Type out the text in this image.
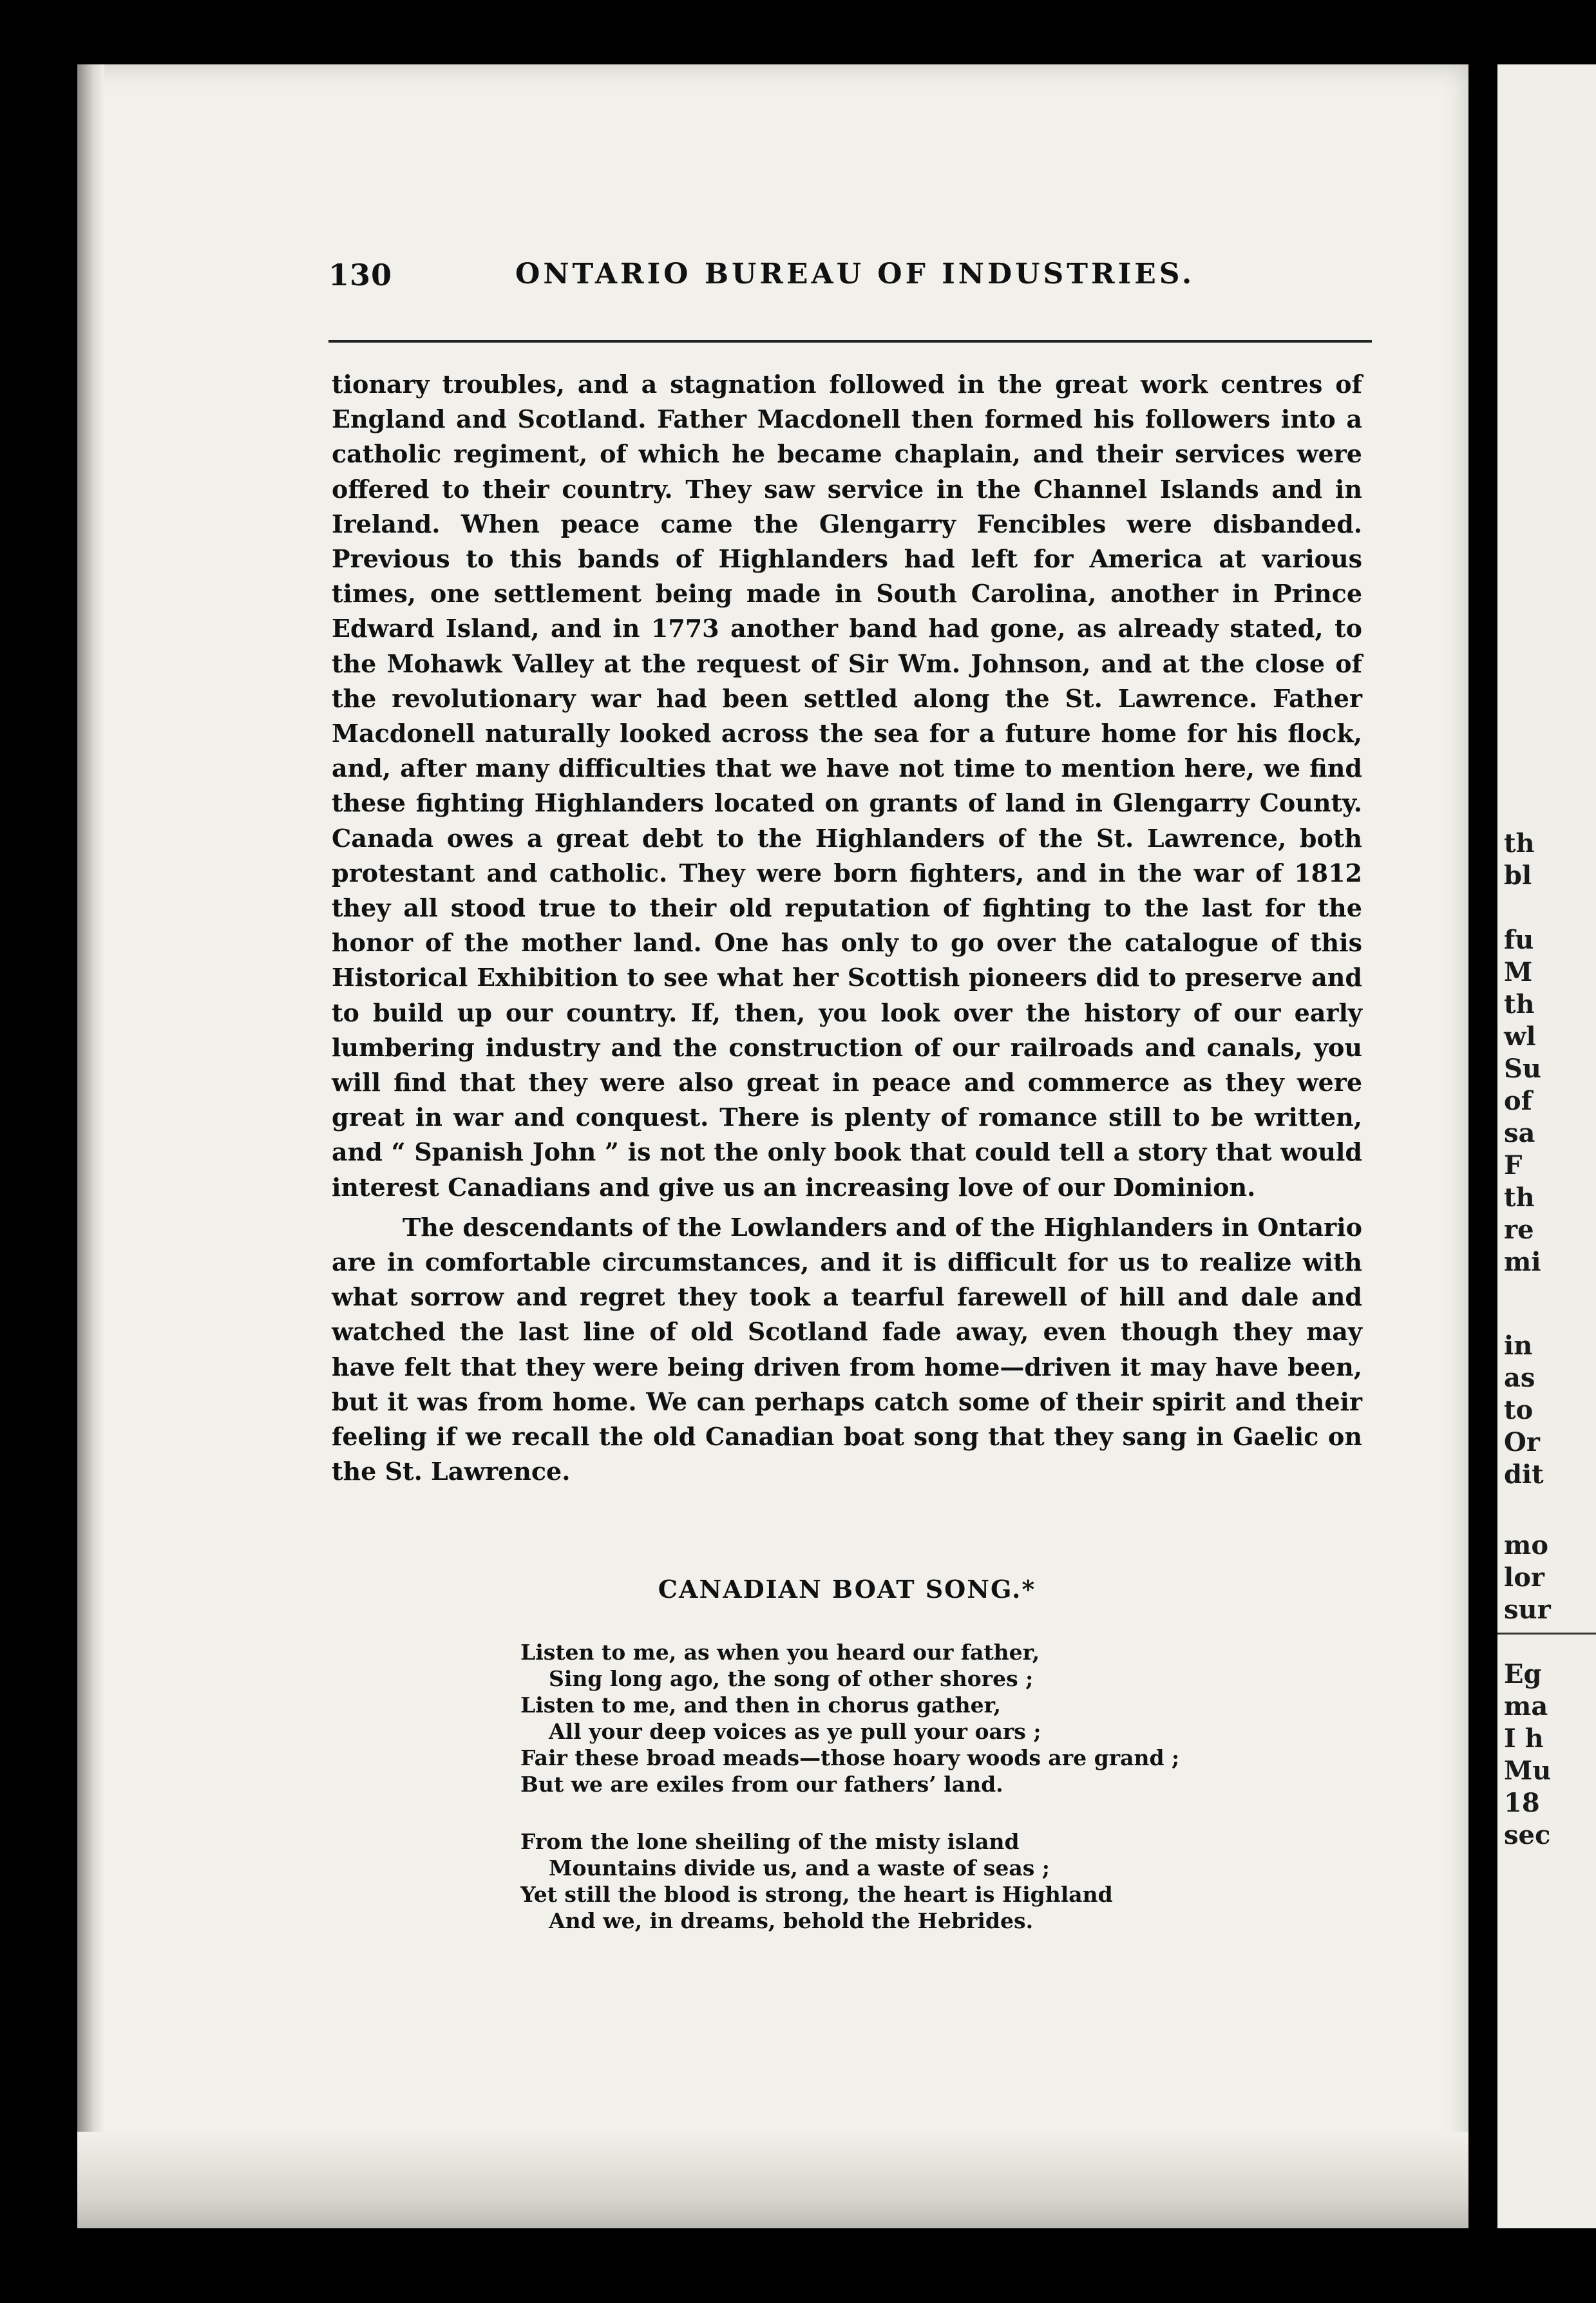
th
bl
fu
M
th
wl
Su
of
sa
F
th
re
mi
in
as
to
Or
dit
mo
lor
sur
Eg
ma
I h
Mu
18
sec
130	ONTARIO BUREAU OF INDUSTRIES.

tionary troubles, and a stagnation followed in the great work centres of England and Scotland. Father Macdonell then formed his followers into a catholic regiment, of which he became chaplain, and their services were offered to their country. They saw service in the Channel Islands and in Ireland. When peace came the Glengarry Fencibles were disbanded. Previous to this bands of Highlanders had left for America at various times, one settlement being made in South Carolina, another in Prince Edward Island, and in 1773 another band had gone, as already stated, to the Mohawk Valley at the request of Sir Wm. Johnson, and at the close of the revolutionary war had been settled along the St. Lawrence. Father Macdonell naturally looked across the sea for a future home for his flock, and, after many difficulties that we have not time to mention here, we find these fighting Highlanders located on grants of land in Glengarry County. Canada owes a great debt to the Highlanders of the St. Lawrence, both protestant and catholic. They were born fighters, and in the war of 1812 they all stood true to their old reputation of fighting to the last for the honor of the mother land. One has only to go over the catalogue of this Historical Exhibition to see what her Scottish pioneers did to preserve and to build up our country. If, then, you look over the history of our early lumbering industry and the construction of our railroads and canals, you will find that they were also great in peace and commerce as they were great in war and conquest. There is plenty of romance still to be written, and “ Spanish John ” is not the only book that could tell a story that would interest Canadians and give us an increasing love of our Dominion.

The descendants of the Lowlanders and of the Highlanders in Ontario are in comfortable circumstances, and it is difficult for us to realize with what sorrow and regret they took a tearful farewell of hill and dale and watched the last line of old Scotland fade away, even though they may have felt that they were being driven from home—driven it may have been, but it was from home. We can perhaps catch some of their spirit and their feeling if we recall the old Canadian boat song that they sang in Gaelic on the St. Lawrence.

CANADIAN BOAT SONG.*
Listen to me, as when you heard our father,
Sing long ago, the song of other shores ;
Listen to me, and then in chorus gather,
All your deep voices as ye pull your oars ;
Fair these broad meads—those hoary woods are grand ;
But we are exiles from our fathers’ land.
From the lone sheiling of the misty island
Mountains divide us, and a waste of seas ;
Yet still the blood is strong, the heart is Highland
And we, in dreams, behold the Hebrides.
